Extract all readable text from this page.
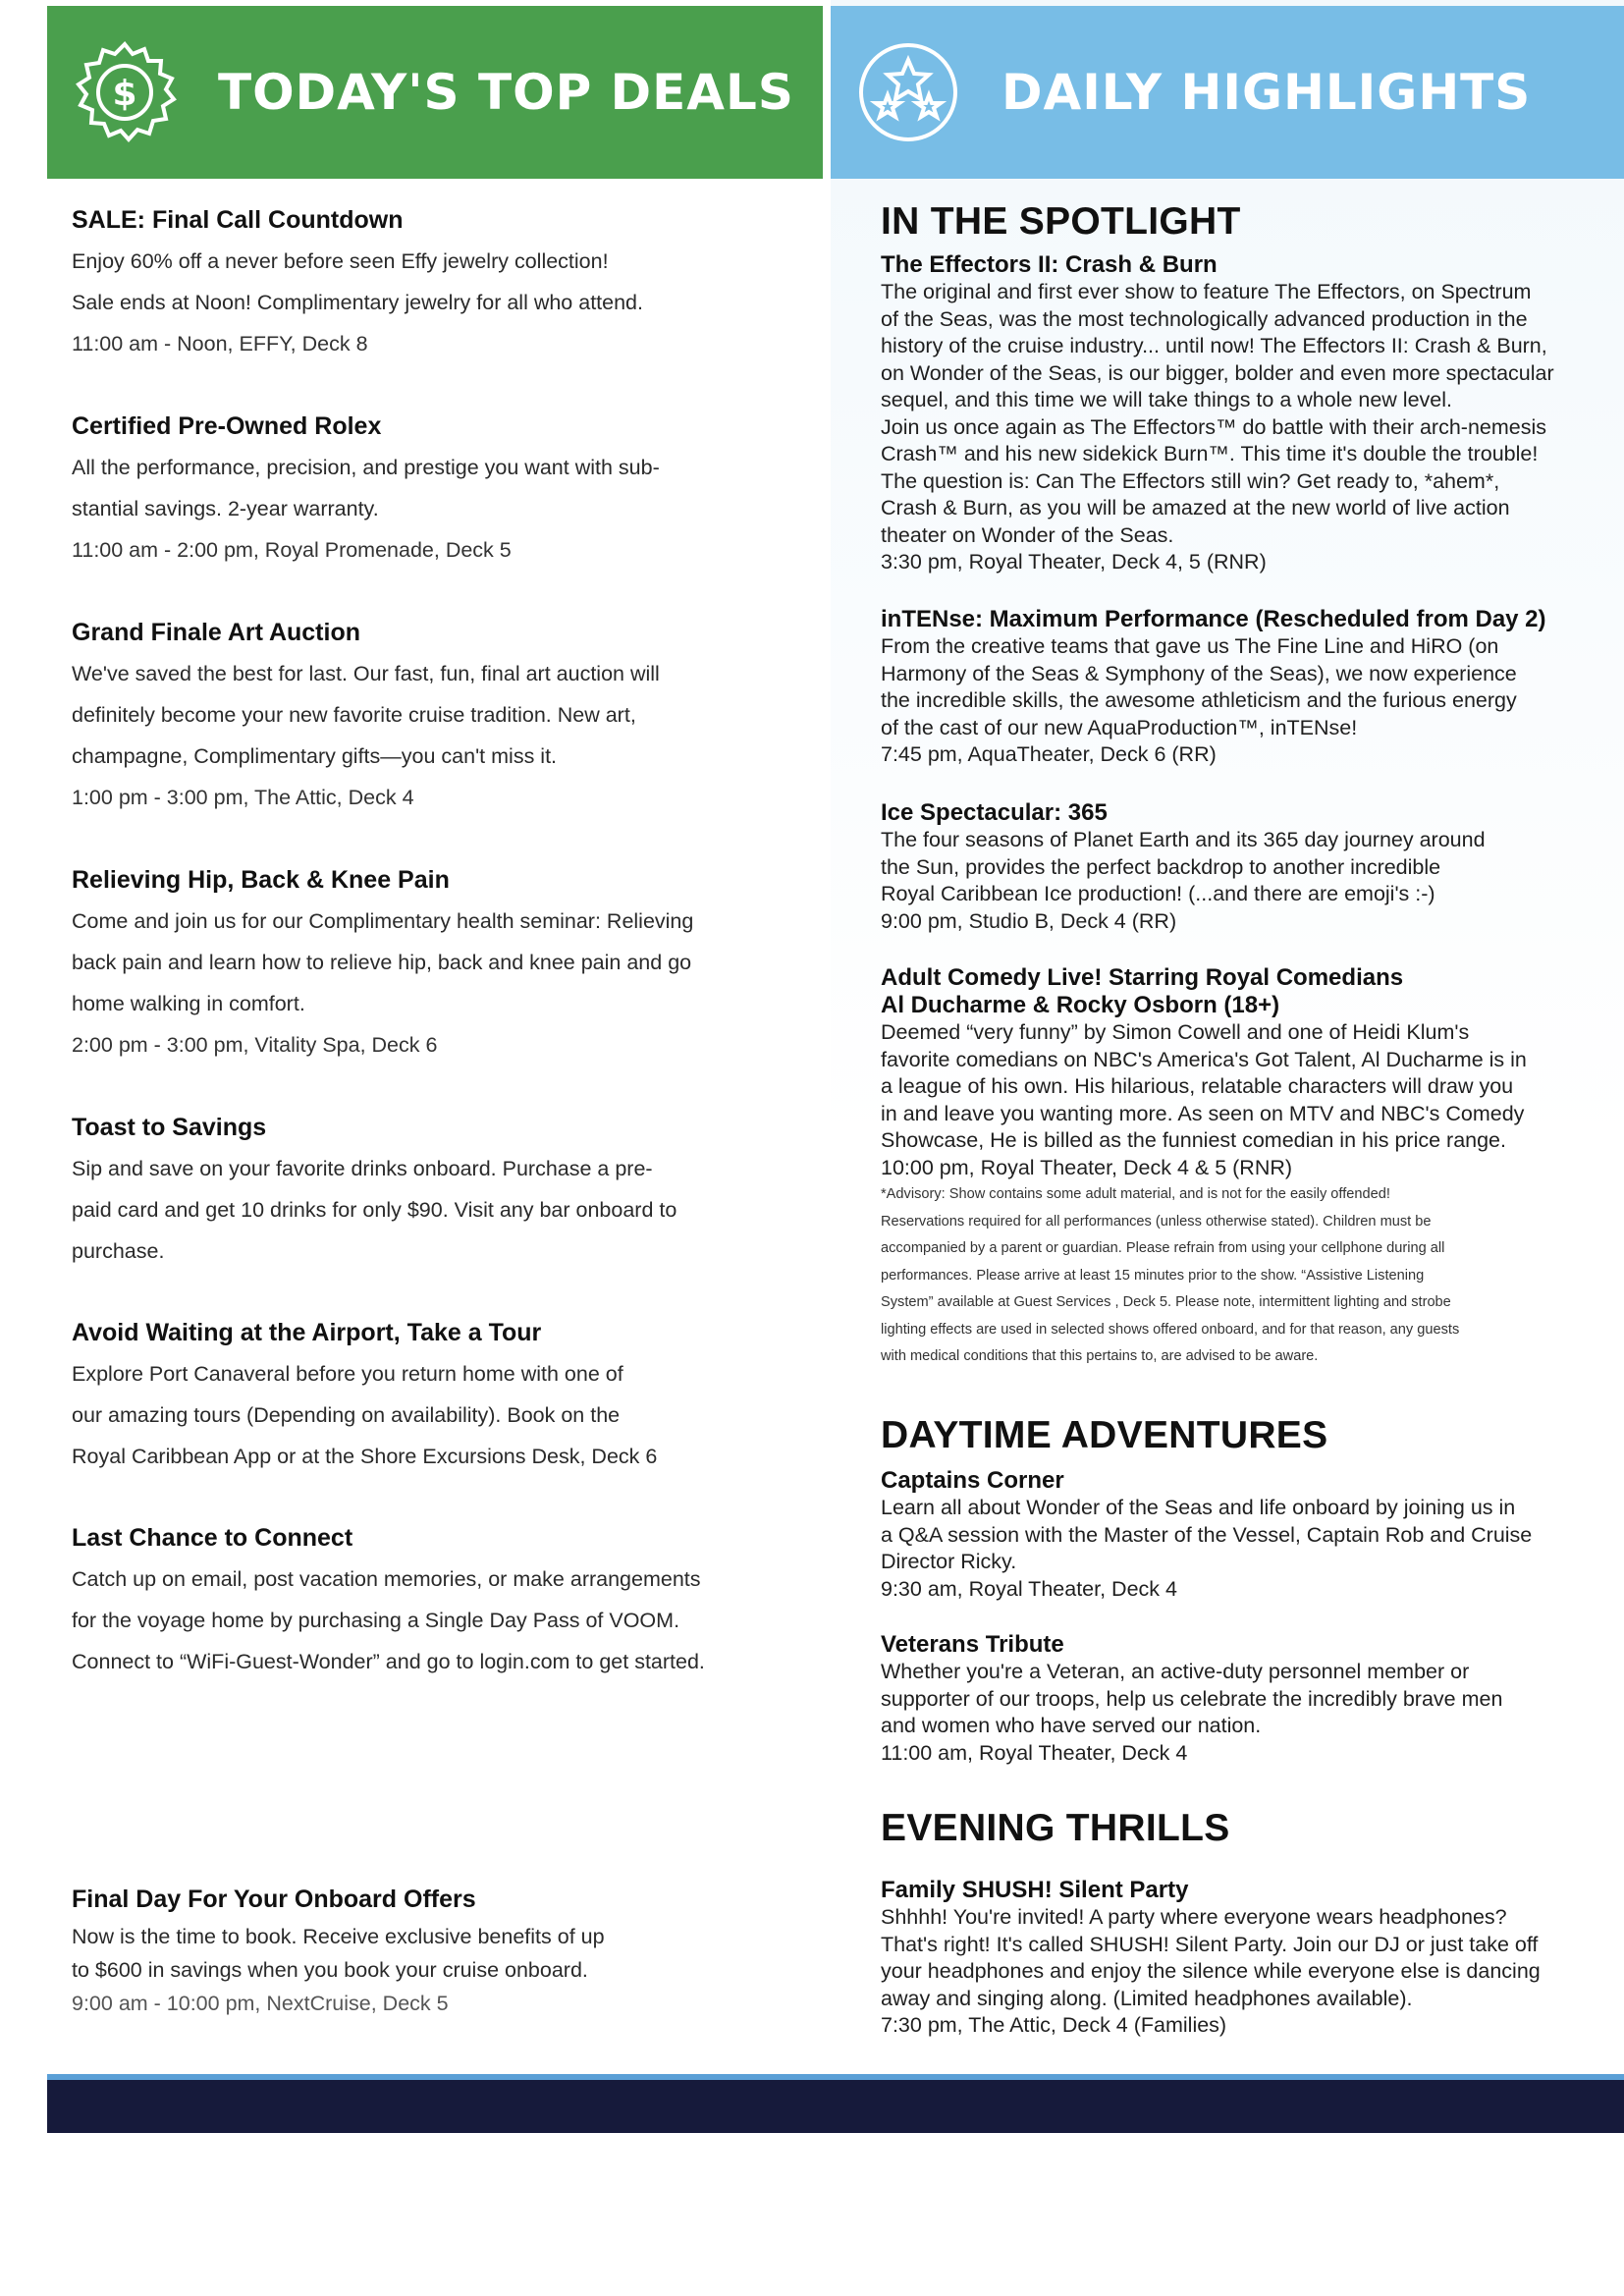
$ TODAY'S TOP DEALS	DAILY HIGHLIGHTS
SALE: Final Call Countdown

Enjoy 60% off a never before seen Effy jewelry collection!

Sale ends at Noon! Complimentary jewelry for all who attend.

11:00 am - Noon, EFFY, Deck 8
Certified Pre-Owned Rolex

All the performance, precision, and prestige you want with sub-

stantial savings. 2-year warranty.

11:00 am - 2:00 pm, Royal Promenade, Deck 5
Grand Finale Art Auction

We've saved the best for last. Our fast, fun, final art auction will

definitely become your new favorite cruise tradition. New art,

champagne, Complimentary gifts—you can't miss it.

1:00 pm - 3:00 pm, The Attic, Deck 4
Relieving Hip, Back & Knee Pain

Come and join us for our Complimentary health seminar: Relieving

back pain and learn how to relieve hip, back and knee pain and go

home walking in comfort.

2:00 pm - 3:00 pm, Vitality Spa, Deck 6
Toast to Savings

Sip and save on your favorite drinks onboard. Purchase a pre-

paid card and get 10 drinks for only $90. Visit any bar onboard to

purchase.

Avoid Waiting at the Airport, Take a Tour

Explore Port Canaveral before you return home with one of

our amazing tours (Depending on availability). Book on the

Royal Caribbean App or at the Shore Excursions Desk, Deck 6

Last Chance to Connect

Catch up on email, post vacation memories, or make arrangements

for the voyage home by purchasing a Single Day Pass of VOOM.

Connect to “WiFi-Guest-Wonder” and go to login.com to get started.

Final Day For Your Onboard Offers

Now is the time to book. Receive exclusive benefits of up

to $600 in savings when you book your cruise onboard.

9:00 am - 10:00 pm, NextCruise, Deck 5
IN THE SPOTLIGHT
The Effectors II: Crash & Burn

The original and first ever show to feature The Effectors, on Spectrum

of the Seas, was the most technologically advanced production in the

history of the cruise industry... until now! The Effectors II: Crash & Burn,

on Wonder of the Seas, is our bigger, bolder and even more spectacular

sequel, and this time we will take things to a whole new level.

Join us once again as The Effectors™ do battle with their arch-nemesis

Crash™ and his new sidekick Burn™. This time it's double the trouble!

The question is: Can The Effectors still win? Get ready to, *ahem*,

Crash & Burn, as you will be amazed at the new world of live action

theater on Wonder of the Seas.

3:30 pm, Royal Theater, Deck 4, 5 (RNR)
inTENse: Maximum Performance (Rescheduled from Day 2)

From the creative teams that gave us The Fine Line and HiRO (on

Harmony of the Seas & Symphony of the Seas), we now experience

the incredible skills, the awesome athleticism and the furious energy

of the cast of our new AquaProduction™, inTENse!

7:45 pm, AquaTheater, Deck 6 (RR)
Ice Spectacular: 365

The four seasons of Planet Earth and its 365 day journey around

the Sun, provides the perfect backdrop to another incredible

Royal Caribbean Ice production! (...and there are emoji's :-)

9:00 pm, Studio B, Deck 4 (RR)
Adult Comedy Live! Starring Royal Comedians
Al Ducharme & Rocky Osborn (18+)

Deemed “very funny” by Simon Cowell and one of Heidi Klum's

favorite comedians on NBC's America's Got Talent, Al Ducharme is in

a league of his own. His hilarious, relatable characters will draw you

in and leave you wanting more. As seen on MTV and NBC's Comedy

Showcase, He is billed as the funniest comedian in his price range.

10:00 pm, Royal Theater, Deck 4 & 5 (RNR)
*Advisory: Show contains some adult material, and is not for the easily offended!
Reservations required for all performances (unless otherwise stated). Children must be
accompanied by a parent or guardian. Please refrain from using your cellphone during all
performances. Please arrive at least 15 minutes prior to the show. “Assistive Listening
System” available at Guest Services , Deck 5. Please note, intermittent lighting and strobe
lighting effects are used in selected shows offered onboard, and for that reason, any guests
with medical conditions that this pertains to, are advised to be aware.
DAYTIME ADVENTURES
Captains Corner

Learn all about Wonder of the Seas and life onboard by joining us in

a Q&A session with the Master of the Vessel, Captain Rob and Cruise

Director Ricky.

9:30 am, Royal Theater, Deck 4
Veterans Tribute

Whether you're a Veteran, an active-duty personnel member or

supporter of our troops, help us celebrate the incredibly brave men

and women who have served our nation.

11:00 am, Royal Theater, Deck 4
EVENING THRILLS
Family SHUSH! Silent Party

Shhhh! You're invited! A party where everyone wears headphones?

That's right! It's called SHUSH! Silent Party. Join our DJ or just take off

your headphones and enjoy the silence while everyone else is dancing

away and singing along. (Limited headphones available).

7:30 pm, The Attic, Deck 4 (Families)
